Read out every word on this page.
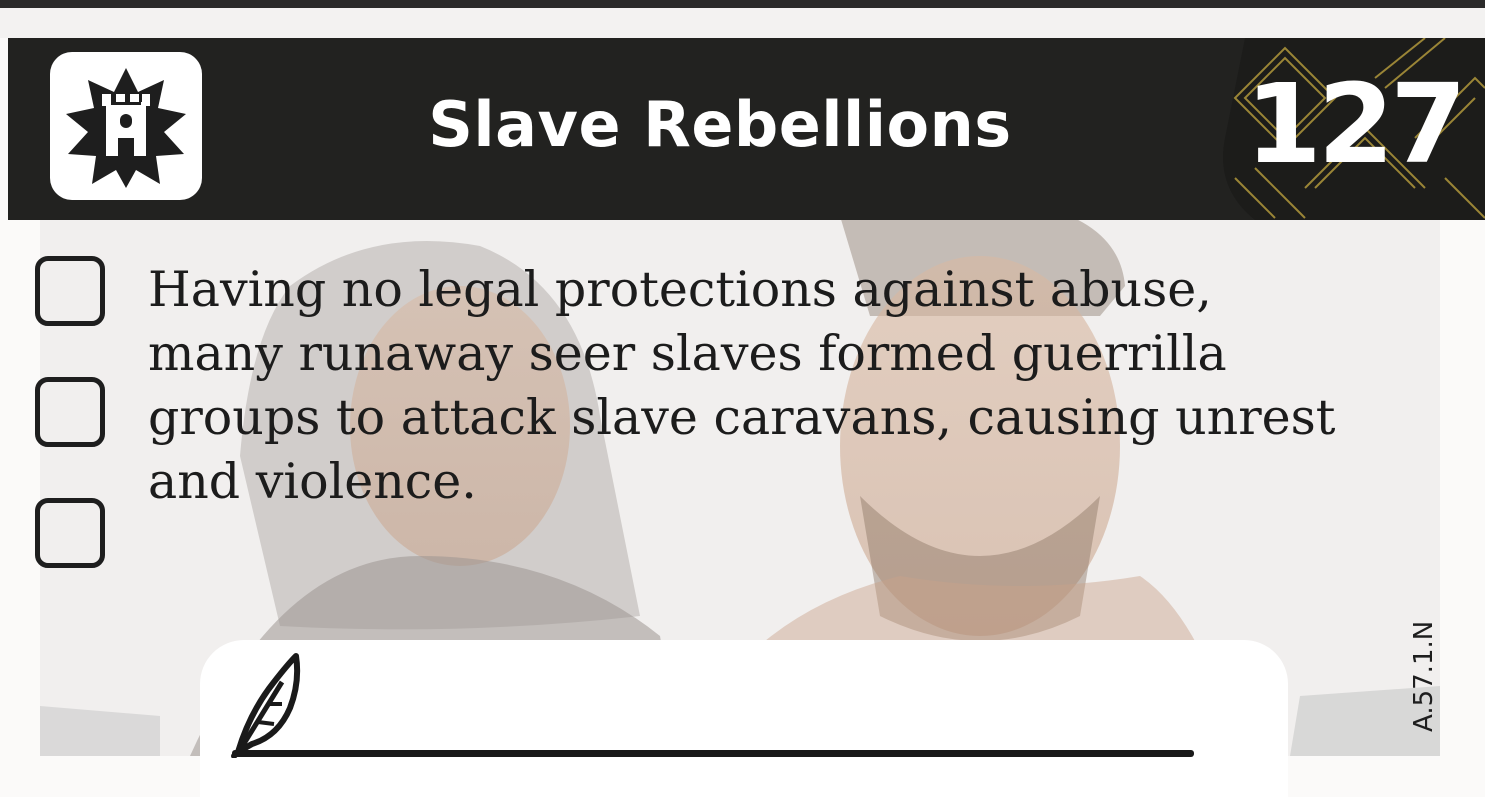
Slave Rebellions	127
Having no legal protections against abuse,
many runaway seer slaves formed guerrilla
groups to attack slave caravans, causing unrest
and violence.
A.57.1.N
